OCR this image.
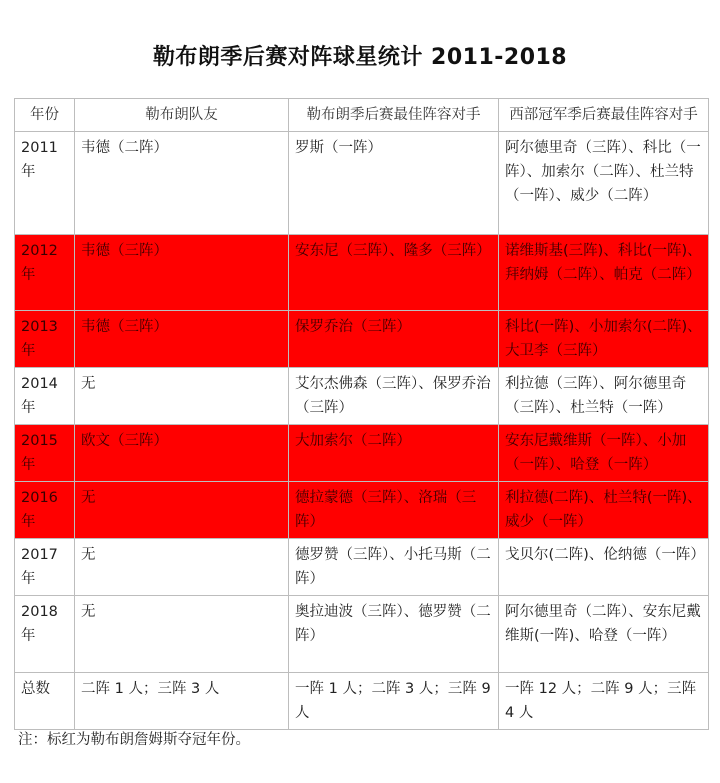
勒布朗季后赛对阵球星统计 2011-2018
年份	勒布朗队友	勒布朗季后赛最佳阵容对手	西部冠军季后赛最佳阵容对手
2011年	韦德（二阵）	罗斯（一阵）	阿尔德里奇（三阵）、科比（一阵）、加索尔（二阵）、杜兰特（一阵）、威少（二阵）
2012年	韦德（三阵）	安东尼（三阵）、隆多（三阵）	诺维斯基(三阵)、科比(一阵)、拜纳姆（二阵）、帕克（二阵）
2013年	韦德（三阵）	保罗乔治（三阵）	科比(一阵)、小加索尔(二阵)、大卫李（三阵）
2014年	无	艾尔杰佛森（三阵）、保罗乔治（三阵）	利拉德（三阵）、阿尔德里奇（三阵）、杜兰特（一阵）
2015年	欧文（三阵）	大加索尔（二阵）	安东尼戴维斯（一阵）、小加（一阵）、哈登（一阵）
2016年	无	德拉蒙德（三阵）、洛瑞（三阵）	利拉德(二阵)、杜兰特(一阵)、威少（一阵）
2017年	无	德罗赞（三阵）、小托马斯（二阵）	戈贝尔(二阵)、伦纳德（一阵）
2018年	无	奥拉迪波（三阵）、德罗赞（二阵）	阿尔德里奇（二阵）、安东尼戴维斯(一阵)、哈登（一阵）
总数	二阵 1 人；三阵 3 人	一阵 1 人；二阵 3 人；三阵 9 人	一阵 12 人；二阵 9 人；三阵 4 人
注：标红为勒布朗詹姆斯夺冠年份。
